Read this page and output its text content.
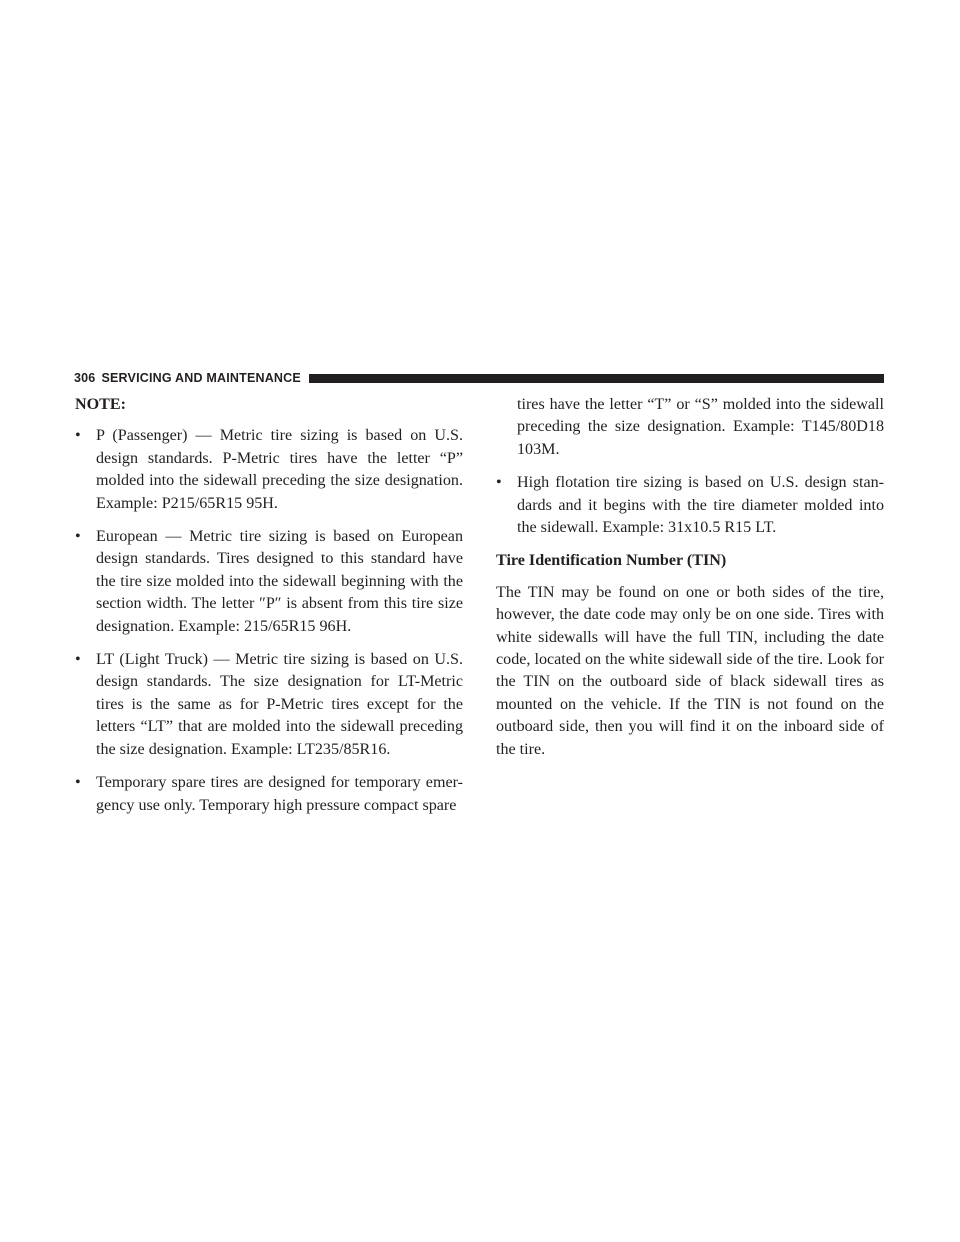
306 SERVICING AND MAINTENANCE
NOTE:
• P (Passenger) — Metric tire sizing is based on U.S. design standards. P-Metric tires have the letter “P” molded into the sidewall preceding the size designation. Example: P215/65R15 95H.
• European — Metric tire sizing is based on European design standards. Tires designed to this standard have the tire size molded into the sidewall beginning with the section width. The letter ″P″ is absent from this tire size designation. Example: 215/65R15 96H.
• LT (Light Truck) — Metric tire sizing is based on U.S. design standards. The size designation for LT-Metric tires is the same as for P-Metric tires except for the letters “LT” that are molded into the sidewall preceding the size designation. Example: LT235/85R16.
• Temporary spare tires are designed for temporary emer-gency use only. Temporary high pressure compact spare
tires have the letter “T” or “S” molded into the sidewall preceding the size designation. Example: T145/80D18 103M.
• High flotation tire sizing is based on U.S. design stan-dards and it begins with the tire diameter molded into the sidewall. Example: 31x10.5 R15 LT.
Tire Identification Number (TIN)

The TIN may be found on one or both sides of the tire, however, the date code may only be on one side. Tires with white sidewalls will have the full TIN, including the date code, located on the white sidewall side of the tire. Look for the TIN on the outboard side of black sidewall tires as mounted on the vehicle. If the TIN is not found on the outboard side, then you will find it on the inboard side of the tire.
